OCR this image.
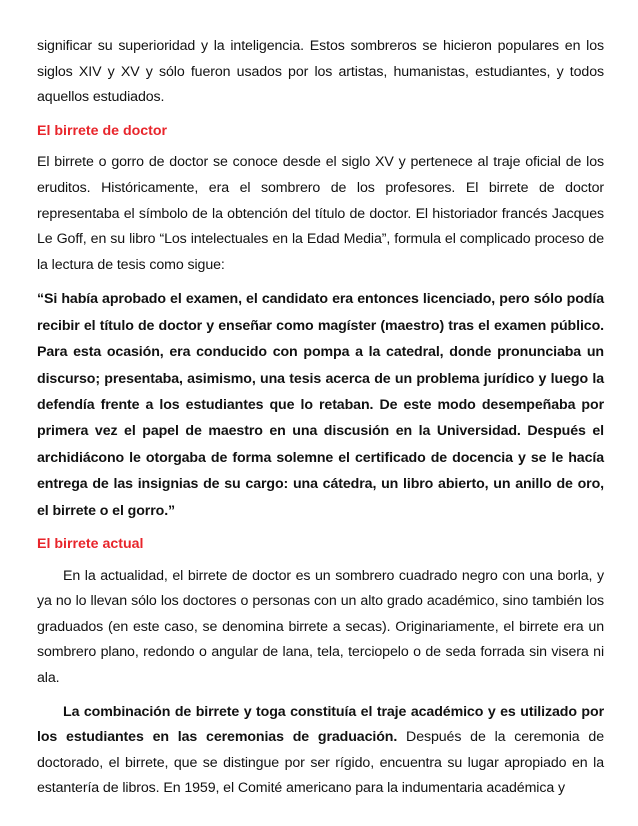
significar su superioridad y la inteligencia. Estos sombreros se hicieron populares en los siglos XIV y XV y sólo fueron usados por los artistas, humanistas, estudiantes, y todos aquellos estudiados.

El birrete de doctor

El birrete o gorro de doctor se conoce desde el siglo XV y pertenece al traje oficial de los eruditos. Históricamente, era el sombrero de los profesores. El birrete de doctor representaba el símbolo de la obtención del título de doctor. El historiador francés Jacques Le Goff, en su libro “Los intelectuales en la Edad Media”, formula el complicado proceso de la lectura de tesis como sigue:

“Si había aprobado el examen, el candidato era entonces licenciado, pero sólo podía recibir el título de doctor y enseñar como magíster (maestro) tras el examen público. Para esta ocasión, era conducido con pompa a la catedral, donde pronunciaba un discurso; presentaba, asimismo, una tesis acerca de un problema jurídico y luego la defendía frente a los estudiantes que lo retaban. De este modo desempeñaba por primera vez el papel de maestro en una discusión en la Universidad. Después el archidiácono le otorgaba de forma solemne el certificado de docencia y se le hacía entrega de las insignias de su cargo: una cátedra, un libro abierto, un anillo de oro, el birrete o el gorro.”

El birrete actual

En la actualidad, el birrete de doctor es un sombrero cuadrado negro con una borla, y ya no lo llevan sólo los doctores o personas con un alto grado académico, sino también los graduados (en este caso, se denomina birrete a secas). Originariamente, el birrete era un sombrero plano, redondo o angular de lana, tela, terciopelo o de seda forrada sin visera ni ala.

La combinación de birrete y toga constituía el traje académico y es utilizado por los estudiantes en las ceremonias de graduación. Después de la ceremonia de doctorado, el birrete, que se distingue por ser rígido, encuentra su lugar apropiado en la estantería de libros. En 1959, el Comité americano para la indumentaria académica y
